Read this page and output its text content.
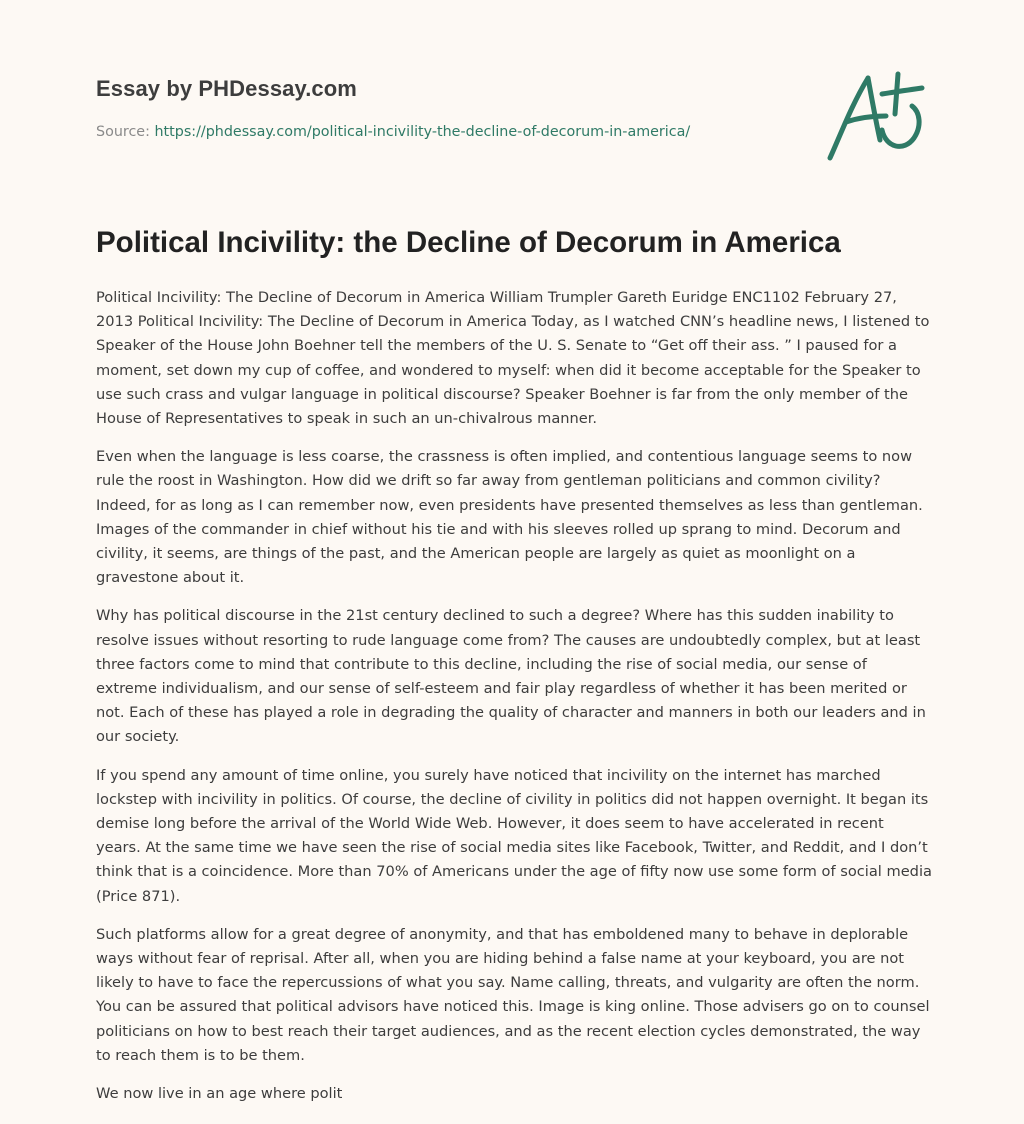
Essay by PHDessay.com
Source: https://phdessay.com/political-incivility-the-decline-of-decorum-in-america/
Political Incivility: the Decline of Decorum in America

Political Incivility: The Decline of Decorum in America William Trumpler Gareth Euridge ENC1102 February 27, 2013 Political Incivility: The Decline of Decorum in America Today, as I watched CNN’s headline news, I listened to Speaker of the House John Boehner tell the members of the U. S. Senate to “Get off their ass. ” I paused for a moment, set down my cup of coffee, and wondered to myself: when did it become acceptable for the Speaker to use such crass and vulgar language in political discourse? Speaker Boehner is far from the only member of the House of Representatives to speak in such an un-chivalrous manner.

Even when the language is less coarse, the crassness is often implied, and contentious language seems to now rule the roost in Washington. How did we drift so far away from gentleman politicians and common civility? Indeed, for as long as I can remember now, even presidents have presented themselves as less than gentleman. Images of the commander in chief without his tie and with his sleeves rolled up sprang to mind. Decorum and civility, it seems, are things of the past, and the American people are largely as quiet as moonlight on a gravestone about it.

Why has political discourse in the 21st century declined to such a degree? Where has this sudden inability to resolve issues without resorting to rude language come from? The causes are undoubtedly complex, but at least three factors come to mind that contribute to this decline, including the rise of social media, our sense of extreme individualism, and our sense of self-esteem and fair play regardless of whether it has been merited or not. Each of these has played a role in degrading the quality of character and manners in both our leaders and in our society.

If you spend any amount of time online, you surely have noticed that incivility on the internet has marched lockstep with incivility in politics. Of course, the decline of civility in politics did not happen overnight. It began its demise long before the arrival of the World Wide Web. However, it does seem to have accelerated in recent years. At the same time we have seen the rise of social media sites like Facebook, Twitter, and Reddit, and I don’t think that is a coincidence. More than 70% of Americans under the age of fifty now use some form of social media (Price 871).

Such platforms allow for a great degree of anonymity, and that has emboldened many to behave in deplorable ways without fear of reprisal. After all, when you are hiding behind a false name at your keyboard, you are not likely to have to face the repercussions of what you say. Name calling, threats, and vulgarity are often the norm. You can be assured that political advisors have noticed this. Image is king online. Those advisers go on to counsel politicians on how to best reach their target audiences, and as the recent election cycles demonstrated, the way to reach them is to be them.

We now live in an age where polit
